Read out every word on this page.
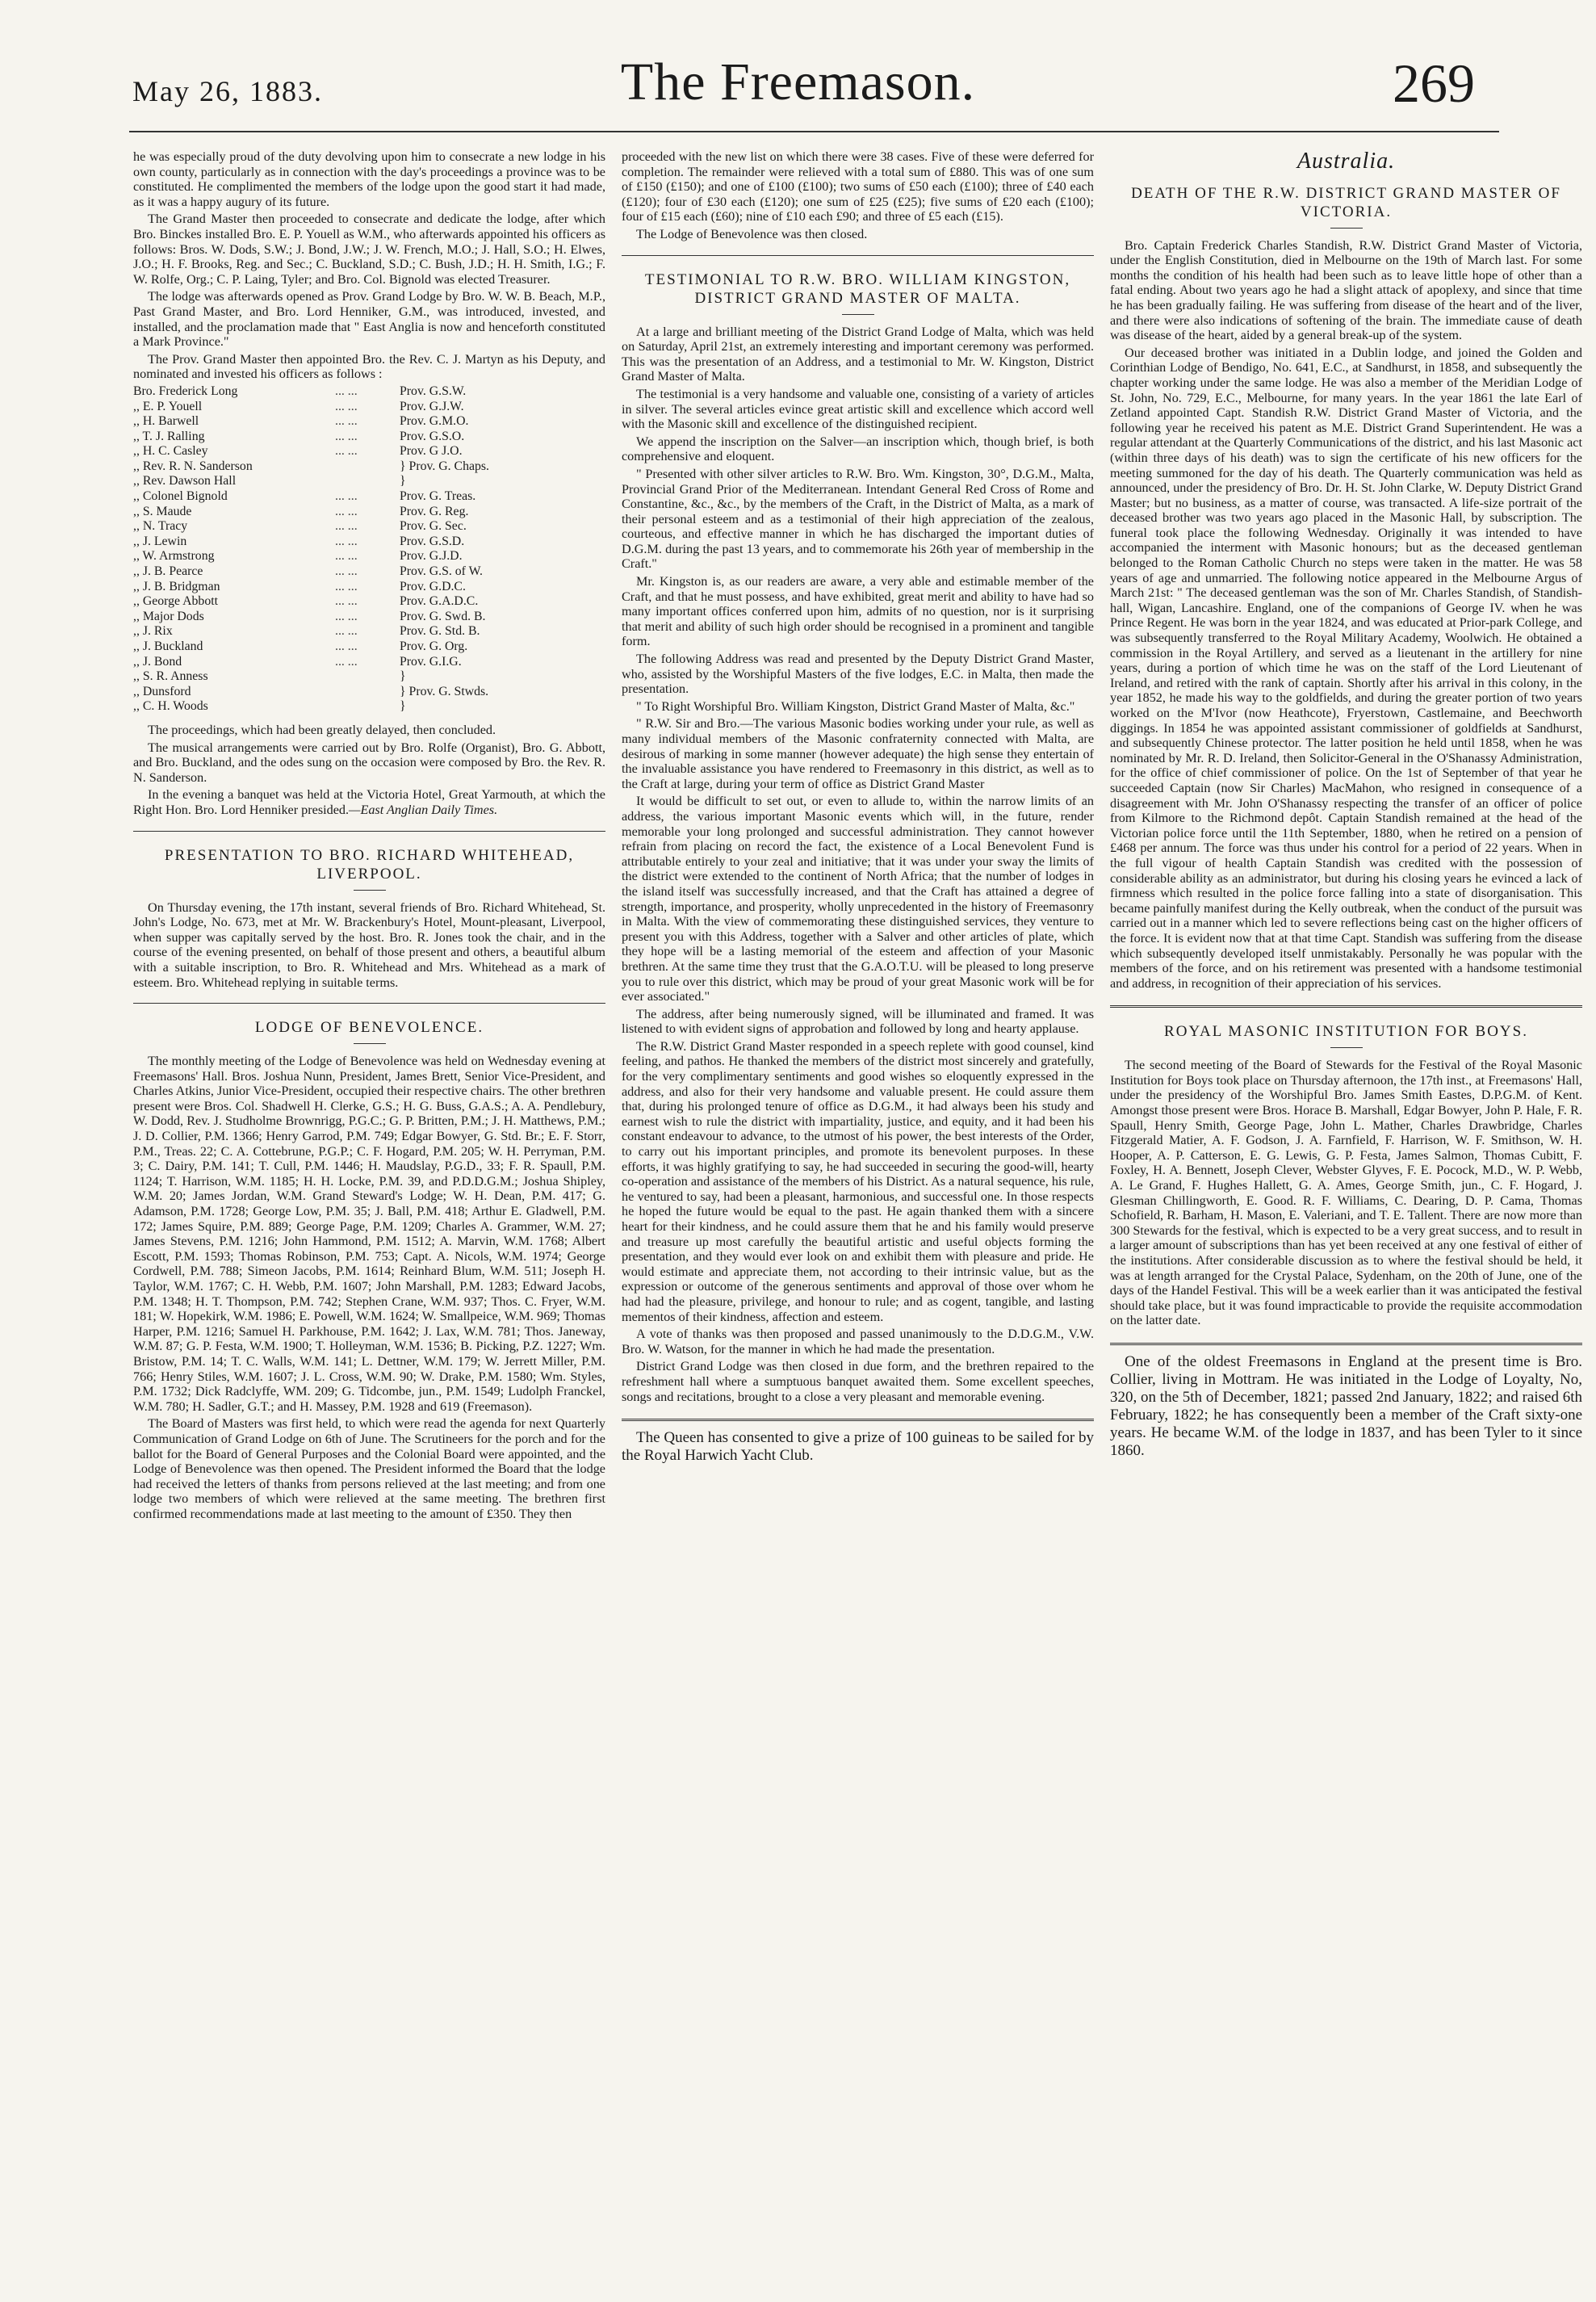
May 26, 1883.	The Freemason.	269

he was especially proud of the duty devolving upon him to consecrate a new lodge in his own county, particularly as in connection with the day's proceedings a province was to be constituted. He complimented the members of the lodge upon the good start it had made, as it was a happy augury of its future.

The Grand Master then proceeded to consecrate and dedicate the lodge, after which Bro. Binckes installed Bro. E. P. Youell as W.M., who afterwards appointed his officers as follows: Bros. W. Dods, S.W.; J. Bond, J.W.; J. W. French, M.O.; J. Hall, S.O.; H. Elwes, J.O.; H. F. Brooks, Reg. and Sec.; C. Buckland, S.D.; C. Bush, J.D.; H. H. Smith, I.G.; F. W. Rolfe, Org.; C. P. Laing, Tyler; and Bro. Col. Bignold was elected Treasurer.

The lodge was afterwards opened as Prov. Grand Lodge by Bro. W. W. B. Beach, M.P., Past Grand Master, and Bro. Lord Henniker, G.M., was introduced, invested, and installed, and the proclamation made that " East Anglia is now and henceforth constituted a Mark Province."

The Prov. Grand Master then appointed Bro. the Rev. C. J. Martyn as his Deputy, and nominated and invested his officers as follows :

Bro. Frederick Long	... ...	Prov. G.S.W.
,, E. P. Youell	... ...	Prov. G.J.W.
,, H. Barwell	... ...	Prov. G.M.O.
,, T. J. Ralling	... ...	Prov. G.S.O.
,, H. C. Casley	... ...	Prov. G J.O.
,, Rev. R. N. Sanderson	} Prov. G. Chaps.
,, Rev. Dawson Hall	}
,, Colonel Bignold	... ...	Prov. G. Treas.
,, S. Maude	... ...	Prov. G. Reg.
,, N. Tracy	... ...	Prov. G. Sec.
,, J. Lewin	... ...	Prov. G.S.D.
,, W. Armstrong	... ...	Prov. G.J.D.
,, J. B. Pearce	... ...	Prov. G.S. of W.
,, J. B. Bridgman	... ...	Prov. G.D.C.
,, George Abbott	... ...	Prov. G.A.D.C.
,, Major Dods	... ...	Prov. G. Swd. B.
,, J. Rix	... ...	Prov. G. Std. B.
,, J. Buckland	... ...	Prov. G. Org.
,, J. Bond	... ...	Prov. G.I.G.
,, S. R. Anness	}
,, Dunsford	} Prov. G. Stwds.
,, C. H. Woods	}

The proceedings, which had been greatly delayed, then concluded.

The musical arrangements were carried out by Bro. Rolfe (Organist), Bro. G. Abbott, and Bro. Buckland, and the odes sung on the occasion were composed by Bro. the Rev. R. N. Sanderson.

In the evening a banquet was held at the Victoria Hotel, Great Yarmouth, at which the Right Hon. Bro. Lord Henniker presided.—East Anglian Daily Times.

PRESENTATION TO BRO. RICHARD WHITEHEAD, LIVERPOOL.

On Thursday evening, the 17th instant, several friends of Bro. Richard Whitehead, St. John's Lodge, No. 673, met at Mr. W. Brackenbury's Hotel, Mount-pleasant, Liverpool, when supper was capitally served by the host. Bro. R. Jones took the chair, and in the course of the evening presented, on behalf of those present and others, a beautiful album with a suitable inscription, to Bro. R. Whitehead and Mrs. Whitehead as a mark of esteem. Bro. Whitehead replying in suitable terms.

LODGE OF BENEVOLENCE.

The monthly meeting of the Lodge of Benevolence was held on Wednesday evening at Freemasons' Hall. Bros. Joshua Nunn, President, James Brett, Senior Vice-President, and Charles Atkins, Junior Vice-President, occupied their respective chairs. The other brethren present were Bros. Col. Shadwell H. Clerke, G.S.; H. G. Buss, G.A.S.; A. A. Pendlebury, W. Dodd, Rev. J. Studholme Brownrigg, P.G.C.; G. P. Britten, P.M.; J. H. Matthews, P.M.; J. D. Collier, P.M. 1366; Henry Garrod, P.M. 749; Edgar Bowyer, G. Std. Br.; E. F. Storr, P.M., Treas. 22; C. A. Cottebrune, P.G.P.; C. F. Hogard, P.M. 205; W. H. Perryman, P.M. 3; C. Dairy, P.M. 141; T. Cull, P.M. 1446; H. Maudslay, P.G.D., 33; F. R. Spaull, P.M. 1124; T. Harrison, W.M. 1185; H. H. Locke, P.M. 39, and P.D.D.G.M.; Joshua Shipley, W.M. 20; James Jordan, W.M. Grand Steward's Lodge; W. H. Dean, P.M. 417; G. Adamson, P.M. 1728; George Low, P.M. 35; J. Ball, P.M. 418; Arthur E. Gladwell, P.M. 172; James Squire, P.M. 889; George Page, P.M. 1209; Charles A. Grammer, W.M. 27; James Stevens, P.M. 1216; John Hammond, P.M. 1512; A. Marvin, W.M. 1768; Albert Escott, P.M. 1593; Thomas Robinson, P.M. 753; Capt. A. Nicols, W.M. 1974; George Cordwell, P.M. 788; Simeon Jacobs, P.M. 1614; Reinhard Blum, W.M. 511; Joseph H. Taylor, W.M. 1767; C. H. Webb, P.M. 1607; John Marshall, P.M. 1283; Edward Jacobs, P.M. 1348; H. T. Thompson, P.M. 742; Stephen Crane, W.M. 937; Thos. C. Fryer, W.M. 181; W. Hopekirk, W.M. 1986; E. Powell, W.M. 1624; W. Smallpeice, W.M. 969; Thomas Harper, P.M. 1216; Samuel H. Parkhouse, P.M. 1642; J. Lax, W.M. 781; Thos. Janeway, W.M. 87; G. P. Festa, W.M. 1900; T. Holleyman, W.M. 1536; B. Picking, P.Z. 1227; Wm. Bristow, P.M. 14; T. C. Walls, W.M. 141; L. Dettner, W.M. 179; W. Jerrett Miller, P.M. 766; Henry Stiles, W.M. 1607; J. L. Cross, W.M. 90; W. Drake, P.M. 1580; Wm. Styles, P.M. 1732; Dick Radclyffe, WM. 209; G. Tidcombe, jun., P.M. 1549; Ludolph Franckel, W.M. 780; H. Sadler, G.T.; and H. Massey, P.M. 1928 and 619 (Freemason).

The Board of Masters was first held, to which were read the agenda for next Quarterly Communication of Grand Lodge on 6th of June. The Scrutineers for the porch and for the ballot for the Board of General Purposes and the Colonial Board were appointed, and the Lodge of Benevolence was then opened. The President informed the Board that the lodge had received the letters of thanks from persons relieved at the last meeting; and from one lodge two members of which were relieved at the same meeting. The brethren first confirmed recommendations made at last meeting to the amount of £350. They then

proceeded with the new list on which there were 38 cases. Five of these were deferred for completion. The remainder were relieved with a total sum of £880. This was of one sum of £150 (£150); and one of £100 (£100); two sums of £50 each (£100); three of £40 each (£120); four of £30 each (£120); one sum of £25 (£25); five sums of £20 each (£100); four of £15 each (£60); nine of £10 each £90; and three of £5 each (£15).

The Lodge of Benevolence was then closed.

TESTIMONIAL TO R.W. BRO. WILLIAM KINGSTON, DISTRICT GRAND MASTER OF MALTA.

At a large and brilliant meeting of the District Grand Lodge of Malta, which was held on Saturday, April 21st, an extremely interesting and important ceremony was performed. This was the presentation of an Address, and a testimonial to Mr. W. Kingston, District Grand Master of Malta.

The testimonial is a very handsome and valuable one, consisting of a variety of articles in silver. The several articles evince great artistic skill and excellence which accord well with the Masonic skill and excellence of the distinguished recipient.

We append the inscription on the Salver—an inscription which, though brief, is both comprehensive and eloquent.

" Presented with other silver articles to R.W. Bro. Wm. Kingston, 30°, D.G.M., Malta, Provincial Grand Prior of the Mediterranean. Intendant General Red Cross of Rome and Constantine, &c., &c., by the members of the Craft, in the District of Malta, as a mark of their personal esteem and as a testimonial of their high appreciation of the zealous, courteous, and effective manner in which he has discharged the important duties of D.G.M. during the past 13 years, and to commemorate his 26th year of membership in the Craft."

Mr. Kingston is, as our readers are aware, a very able and estimable member of the Craft, and that he must possess, and have exhibited, great merit and ability to have had so many important offices conferred upon him, admits of no question, nor is it surprising that merit and ability of such high order should be recognised in a prominent and tangible form.

The following Address was read and presented by the Deputy District Grand Master, who, assisted by the Worshipful Masters of the five lodges, E.C. in Malta, then made the presentation.

" To Right Worshipful Bro. William Kingston, District Grand Master of Malta, &c."

" R.W. Sir and Bro.—The various Masonic bodies working under your rule, as well as many individual members of the Masonic confraternity connected with Malta, are desirous of marking in some manner (however adequate) the high sense they entertain of the invaluable assistance you have rendered to Freemasonry in this district, as well as to the Craft at large, during your term of office as District Grand Master

It would be difficult to set out, or even to allude to, within the narrow limits of an address, the various important Masonic events which will, in the future, render memorable your long prolonged and successful administration. They cannot however refrain from placing on record the fact, the existence of a Local Benevolent Fund is attributable entirely to your zeal and initiative; that it was under your sway the limits of the district were extended to the continent of North Africa; that the number of lodges in the island itself was successfully increased, and that the Craft has attained a degree of strength, importance, and prosperity, wholly unprecedented in the history of Freemasonry in Malta. With the view of commemorating these distinguished services, they venture to present you with this Address, together with a Salver and other articles of plate, which they hope will be a lasting memorial of the esteem and affection of your Masonic brethren. At the same time they trust that the G.A.O.T.U. will be pleased to long preserve you to rule over this district, which may be proud of your great Masonic work will be for ever associated."

The address, after being numerously signed, will be illuminated and framed. It was listened to with evident signs of approbation and followed by long and hearty applause.

The R.W. District Grand Master responded in a speech replete with good counsel, kind feeling, and pathos. He thanked the members of the district most sincerely and gratefully, for the very complimentary sentiments and good wishes so eloquently expressed in the address, and also for their very handsome and valuable present. He could assure them that, during his prolonged tenure of office as D.G.M., it had always been his study and earnest wish to rule the district with impartiality, justice, and equity, and it had been his constant endeavour to advance, to the utmost of his power, the best interests of the Order, to carry out his important principles, and promote its benevolent purposes. In these efforts, it was highly gratifying to say, he had succeeded in securing the good-will, hearty co-operation and assistance of the members of his District. As a natural sequence, his rule, he ventured to say, had been a pleasant, harmonious, and successful one. In those respects he hoped the future would be equal to the past. He again thanked them with a sincere heart for their kindness, and he could assure them that he and his family would preserve and treasure up most carefully the beautiful artistic and useful objects forming the presentation, and they would ever look on and exhibit them with pleasure and pride. He would estimate and appreciate them, not according to their intrinsic value, but as the expression or outcome of the generous sentiments and approval of those over whom he had had the pleasure, privilege, and honour to rule; and as cogent, tangible, and lasting mementos of their kindness, affection and esteem.

A vote of thanks was then proposed and passed unanimously to the D.D.G.M., V.W. Bro. W. Watson, for the manner in which he had made the presentation.

District Grand Lodge was then closed in due form, and the brethren repaired to the refreshment hall where a sumptuous banquet awaited them. Some excellent speeches, songs and recitations, brought to a close a very pleasant and memorable evening.

The Queen has consented to give a prize of 100 guineas to be sailed for by the Royal Harwich Yacht Club.

Australia.
DEATH OF THE R.W. DISTRICT GRAND MASTER OF VICTORIA.

Bro. Captain Frederick Charles Standish, R.W. District Grand Master of Victoria, under the English Constitution, died in Melbourne on the 19th of March last. For some months the condition of his health had been such as to leave little hope of other than a fatal ending. About two years ago he had a slight attack of apoplexy, and since that time he has been gradually failing. He was suffering from disease of the heart and of the liver, and there were also indications of softening of the brain. The immediate cause of death was disease of the heart, aided by a general break-up of the system.

Our deceased brother was initiated in a Dublin lodge, and joined the Golden and Corinthian Lodge of Bendigo, No. 641, E.C., at Sandhurst, in 1858, and subsequently the chapter working under the same lodge. He was also a member of the Meridian Lodge of St. John, No. 729, E.C., Melbourne, for many years. In the year 1861 the late Earl of Zetland appointed Capt. Standish R.W. District Grand Master of Victoria, and the following year he received his patent as M.E. District Grand Superintendent. He was a regular attendant at the Quarterly Communications of the district, and his last Masonic act (within three days of his death) was to sign the certificate of his new officers for the meeting summoned for the day of his death. The Quarterly communication was held as announced, under the presidency of Bro. Dr. H. St. John Clarke, W. Deputy District Grand Master; but no business, as a matter of course, was transacted. A life-size portrait of the deceased brother was two years ago placed in the Masonic Hall, by subscription. The funeral took place the following Wednesday. Originally it was intended to have accompanied the interment with Masonic honours; but as the deceased gentleman belonged to the Roman Catholic Church no steps were taken in the matter. He was 58 years of age and unmarried. The following notice appeared in the Melbourne Argus of March 21st: " The deceased gentleman was the son of Mr. Charles Standish, of Standish-hall, Wigan, Lancashire. England, one of the companions of George IV. when he was Prince Regent. He was born in the year 1824, and was educated at Prior-park College, and was subsequently transferred to the Royal Military Academy, Woolwich. He obtained a commission in the Royal Artillery, and served as a lieutenant in the artillery for nine years, during a portion of which time he was on the staff of the Lord Lieutenant of Ireland, and retired with the rank of captain. Shortly after his arrival in this colony, in the year 1852, he made his way to the goldfields, and during the greater portion of two years worked on the M'Ivor (now Heathcote), Fryerstown, Castlemaine, and Beechworth diggings. In 1854 he was appointed assistant commissioner of goldfields at Sandhurst, and subsequently Chinese protector. The latter position he held until 1858, when he was nominated by Mr. R. D. Ireland, then Solicitor-General in the O'Shanassy Administration, for the office of chief commissioner of police. On the 1st of September of that year he succeeded Captain (now Sir Charles) MacMahon, who resigned in consequence of a disagreement with Mr. John O'Shanassy respecting the transfer of an officer of police from Kilmore to the Richmond depôt. Captain Standish remained at the head of the Victorian police force until the 11th September, 1880, when he retired on a pension of £468 per annum. The force was thus under his control for a period of 22 years. When in the full vigour of health Captain Standish was credited with the possession of considerable ability as an administrator, but during his closing years he evinced a lack of firmness which resulted in the police force falling into a state of disorganisation. This became painfully manifest during the Kelly outbreak, when the conduct of the pursuit was carried out in a manner which led to severe reflections being cast on the higher officers of the force. It is evident now that at that time Capt. Standish was suffering from the disease which subsequently developed itself unmistakably. Personally he was popular with the members of the force, and on his retirement was presented with a handsome testimonial and address, in recognition of their appreciation of his services.

ROYAL MASONIC INSTITUTION FOR BOYS.

The second meeting of the Board of Stewards for the Festival of the Royal Masonic Institution for Boys took place on Thursday afternoon, the 17th inst., at Freemasons' Hall, under the presidency of the Worshipful Bro. James Smith Eastes, D.P.G.M. of Kent. Amongst those present were Bros. Horace B. Marshall, Edgar Bowyer, John P. Hale, F. R. Spaull, Henry Smith, George Page, John L. Mather, Charles Drawbridge, Charles Fitzgerald Matier, A. F. Godson, J. A. Farnfield, F. Harrison, W. F. Smithson, W. H. Hooper, A. P. Catterson, E. G. Lewis, G. P. Festa, James Salmon, Thomas Cubitt, F. Foxley, H. A. Bennett, Joseph Clever, Webster Glyves, F. E. Pocock, M.D., W. P. Webb, A. Le Grand, F. Hughes Hallett, G. A. Ames, George Smith, jun., C. F. Hogard, J. Glesman Chillingworth, E. Good. R. F. Williams, C. Dearing, D. P. Cama, Thomas Schofield, R. Barham, H. Mason, E. Valeriani, and T. E. Tallent. There are now more than 300 Stewards for the festival, which is expected to be a very great success, and to result in a larger amount of subscriptions than has yet been received at any one festival of either of the institutions. After considerable discussion as to where the festival should be held, it was at length arranged for the Crystal Palace, Sydenham, on the 20th of June, one of the days of the Handel Festival. This will be a week earlier than it was anticipated the festival should take place, but it was found impracticable to provide the requisite accommodation on the latter date.

One of the oldest Freemasons in England at the present time is Bro. Collier, living in Mottram. He was initiated in the Lodge of Loyalty, No, 320, on the 5th of December, 1821; passed 2nd January, 1822; and raised 6th February, 1822; he has consequently been a member of the Craft sixty-one years. He became W.M. of the lodge in 1837, and has been Tyler to it since 1860.
